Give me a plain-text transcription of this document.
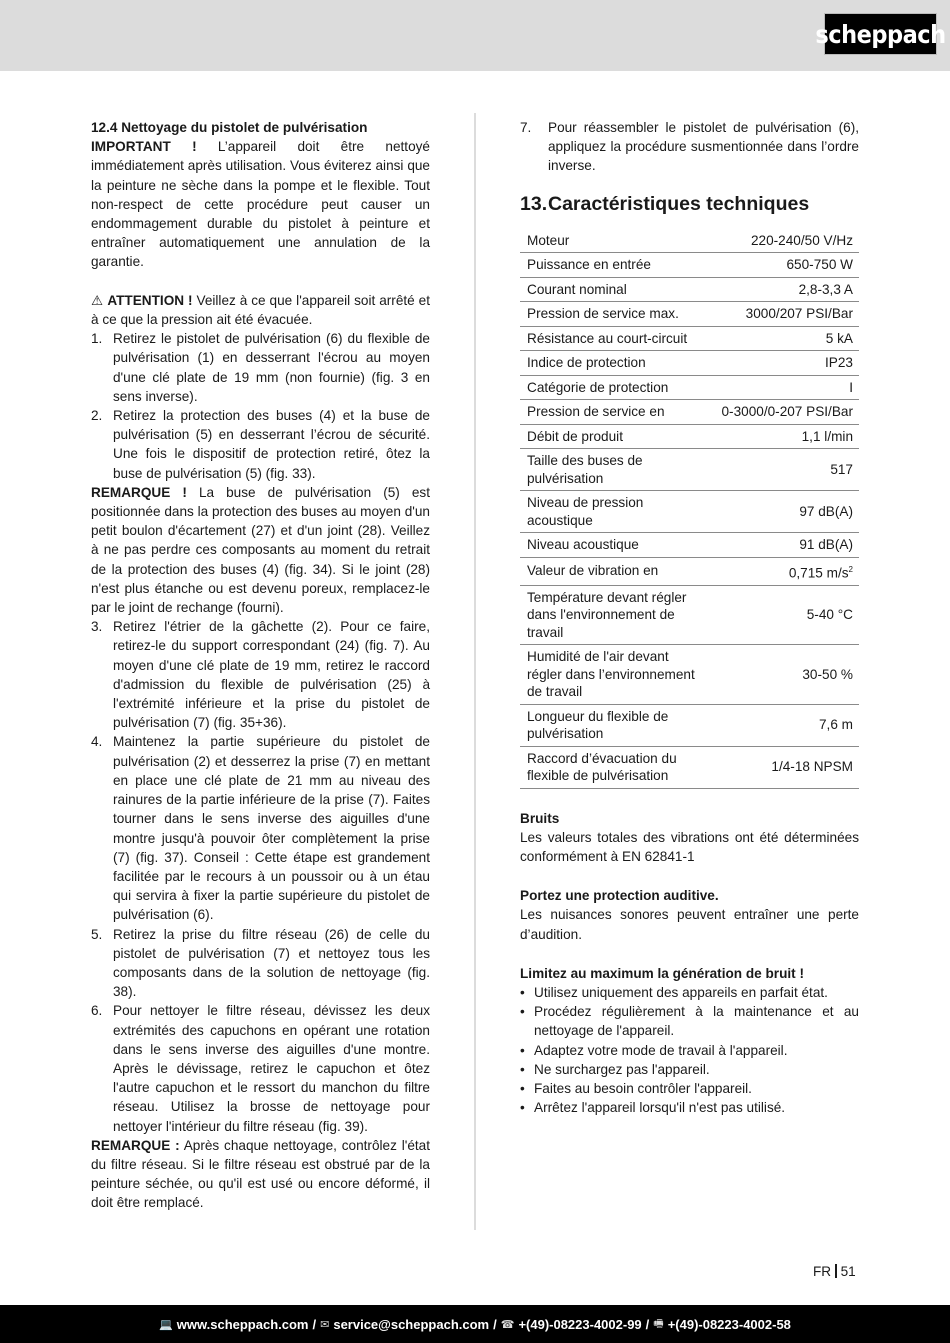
scheppach
12.4 Nettoyage du pistolet de pulvérisation

IMPORTANT ! L’appareil doit être nettoyé immédiatement après utilisation. Vous éviterez ainsi que la peinture ne sèche dans la pompe et le flexible. Tout non-respect de cette procédure peut causer un endommagement durable du pistolet à peinture et entraîner automatiquement une annulation de la garantie.

⚠ ATTENTION ! Veillez à ce que l'appareil soit arrêté et à ce que la pression ait été évacuée.

1. Retirez le pistolet de pulvérisation (6) du flexible de pulvérisation (1) en desserrant l'écrou au moyen d'une clé plate de 19 mm (non fournie) (fig. 3 en sens inverse).
2. Retirez la protection des buses (4) et la buse de pulvérisation (5) en desserrant l’écrou de sécurité. Une fois le dispositif de protection retiré, ôtez la buse de pulvérisation (5) (fig. 33).

REMARQUE ! La buse de pulvérisation (5) est positionnée dans la protection des buses au moyen d'un petit boulon d'écartement (27) et d'un joint (28). Veillez à ne pas perdre ces composants au moment du retrait de la protection des buses (4) (fig. 34). Si le joint (28) n'est plus étanche ou est devenu poreux, remplacez-le par le joint de rechange (fourni).

3. Retirez l'étrier de la gâchette (2). Pour ce faire, retirez-le du support correspondant (24) (fig. 7). Au moyen d'une clé plate de 19 mm, retirez le raccord d'admission du flexible de pulvérisation (25) à l'extrémité inférieure et la prise du pistolet de pulvérisation (7) (fig. 35+36).
4. Maintenez la partie supérieure du pistolet de pulvérisation (2) et desserrez la prise (7) en mettant en place une clé plate de 21 mm au niveau des rainures de la partie inférieure de la prise (7). Faites tourner dans le sens inverse des aiguilles d'une montre jusqu'à pouvoir ôter complètement la prise (7) (fig. 37). Conseil : Cette étape est grandement facilitée par le recours à un poussoir ou à un étau qui servira à fixer la partie supérieure du pistolet de pulvérisation (6).
5. Retirez la prise du filtre réseau (26) de celle du pistolet de pulvérisation (7) et nettoyez tous les composants dans de la solution de nettoyage (fig. 38).
6. Pour nettoyer le filtre réseau, dévissez les deux extrémités des capuchons en opérant une rotation dans le sens inverse des aiguilles d'une montre. Après le dévissage, retirez le capuchon et ôtez l'autre capuchon et le ressort du manchon du filtre réseau. Utilisez la brosse de nettoyage pour nettoyer l'intérieur du filtre réseau (fig. 39).

REMARQUE : Après chaque nettoyage, contrôlez l'état du filtre réseau. Si le filtre réseau est obstrué par de la peinture séchée, ou qu'il est usé ou encore déformé, il doit être remplacé.

7. Pour réassembler le pistolet de pulvérisation (6), appliquez la procédure susmentionnée dans l’ordre inverse.
13.Caractéristiques techniques
Moteur	220-240/50 V/Hz
Puissance en entrée	650-750 W
Courant nominal	2,8-3,3 A
Pression de service max.	3000/207 PSI/Bar
Résistance au court-circuit	5 kA
Indice de protection	IP23
Catégorie de protection	I
Pression de service en	0-3000/0-207 PSI/Bar
Débit de produit	1,1 l/min
Taille des buses de pulvérisation	517
Niveau de pression acoustique	97 dB(A)
Niveau acoustique	91 dB(A)
Valeur de vibration en	0,715 $m/s^2$
Température devant régler dans l'environnement de travail	5-40 °C
Humidité de l'air devant régler dans l’environnement de travail	30-50 %
Longueur du flexible de pulvérisation	7,6 m
Raccord d’évacuation du flexible de pulvérisation	1/4-18 NPSM
Bruits

Les valeurs totales des vibrations ont été déterminées conformément à EN 62841-1

Portez une protection auditive.

Les nuisances sonores peuvent entraîner une perte d’audition.

Limitez au maximum la génération de bruit !
• Utilisez uniquement des appareils en parfait état.
• Procédez régulièrement à la maintenance et au nettoyage de l'appareil.
• Adaptez votre mode de travail à l'appareil.
• Ne surchargez pas l'appareil.
• Faites au besoin contrôler l'appareil.
• Arrêtez l'appareil lorsqu'il n'est pas utilisé.
FR 51
💻 www.scheppach.com / ✉ service@scheppach.com / ☎ +(49)-08223-4002-99 / 🖷 +(49)-08223-4002-58
